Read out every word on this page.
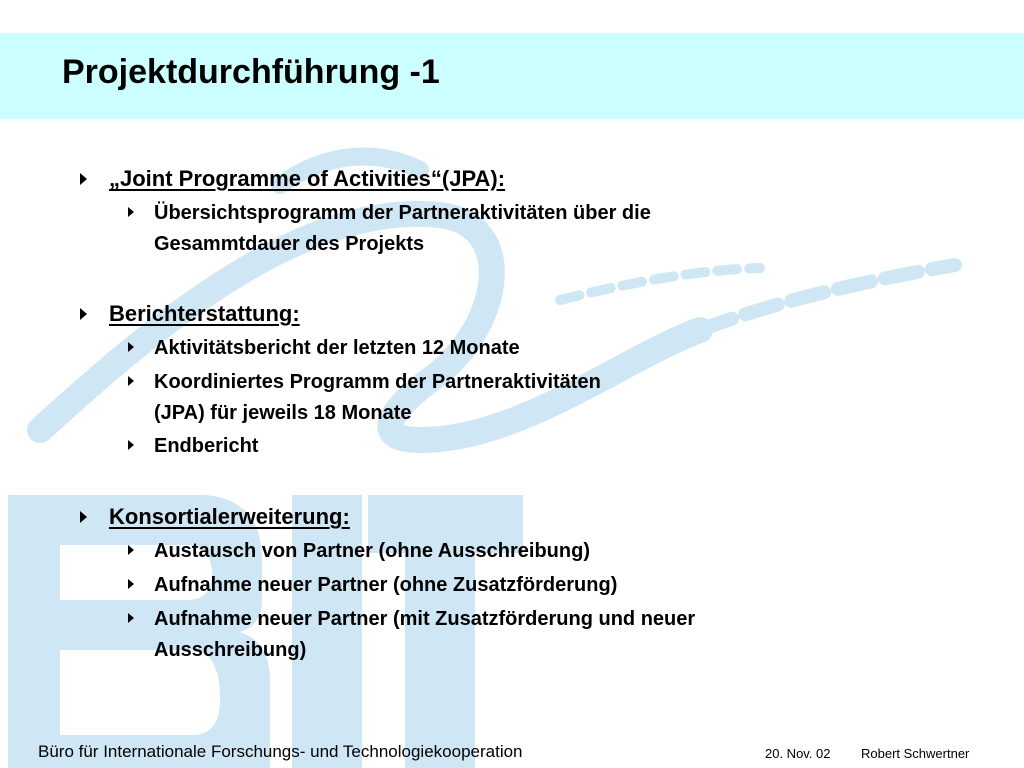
Projektdurchführung -1
„Joint Programme of Activities“(JPA):
Übersichtsprogramm der Partneraktivitäten über die
Gesammtdauer des Projekts
Berichterstattung:
Aktivitätsbericht der letzten 12 Monate
Koordiniertes Programm der Partneraktivitäten
(JPA) für jeweils 18 Monate
Endbericht
Konsortialerweiterung:
Austausch von Partner (ohne Ausschreibung)
Aufnahme neuer Partner (ohne Zusatzförderung)
Aufnahme neuer Partner (mit Zusatzförderung und neuer
Ausschreibung)
Büro für Internationale Forschungs- und Technologiekooperation	20. Nov. 02 Robert Schwertner
